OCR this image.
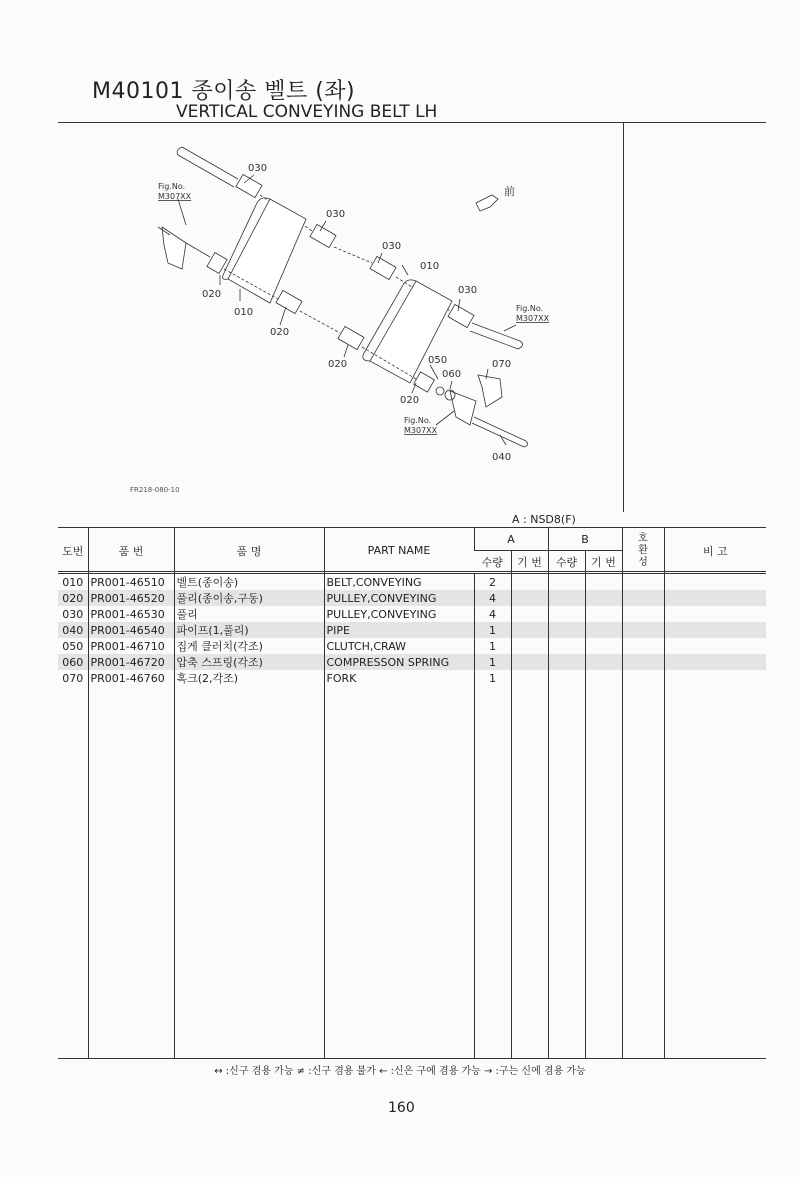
M40101 종이송 벨트 (좌)
VERTICAL CONVEYING BELT LH
030
030
030
030
010
010
020
020
020
020
050
060
070
040
Fig.No.
M307XX
Fig.No.
M307XX
Fig.No.
M307XX
前
FR218-080-10
A : NSD8(F)
도번	품 번	품 명	PART NAME	A		B		호
환
성	비 고
				수량	기 번	수량	기 번		
010	PR001-46510	벨트(종이송)	BELT,CONVEYING	2					
020	PR001-46520	풀리(종이송,구동)	PULLEY,CONVEYING	4					
030	PR001-46530	풀리	PULLEY,CONVEYING	4					
040	PR001-46540	파이프(1,풀리)	PIPE	1					
050	PR001-46710	집게 클러치(각조)	CLUTCH,CRAW	1					
060	PR001-46720	압축 스프링(각조)	COMPRESSON SPRING	1					
070	PR001-46760	혹크(2,각조)	FORK	1					

↔ :신구 겸용 가능 ≠ :신구 겸용 불가 ← :신은 구에 겸용 가능 → :구는 신에 겸용 가능
160
